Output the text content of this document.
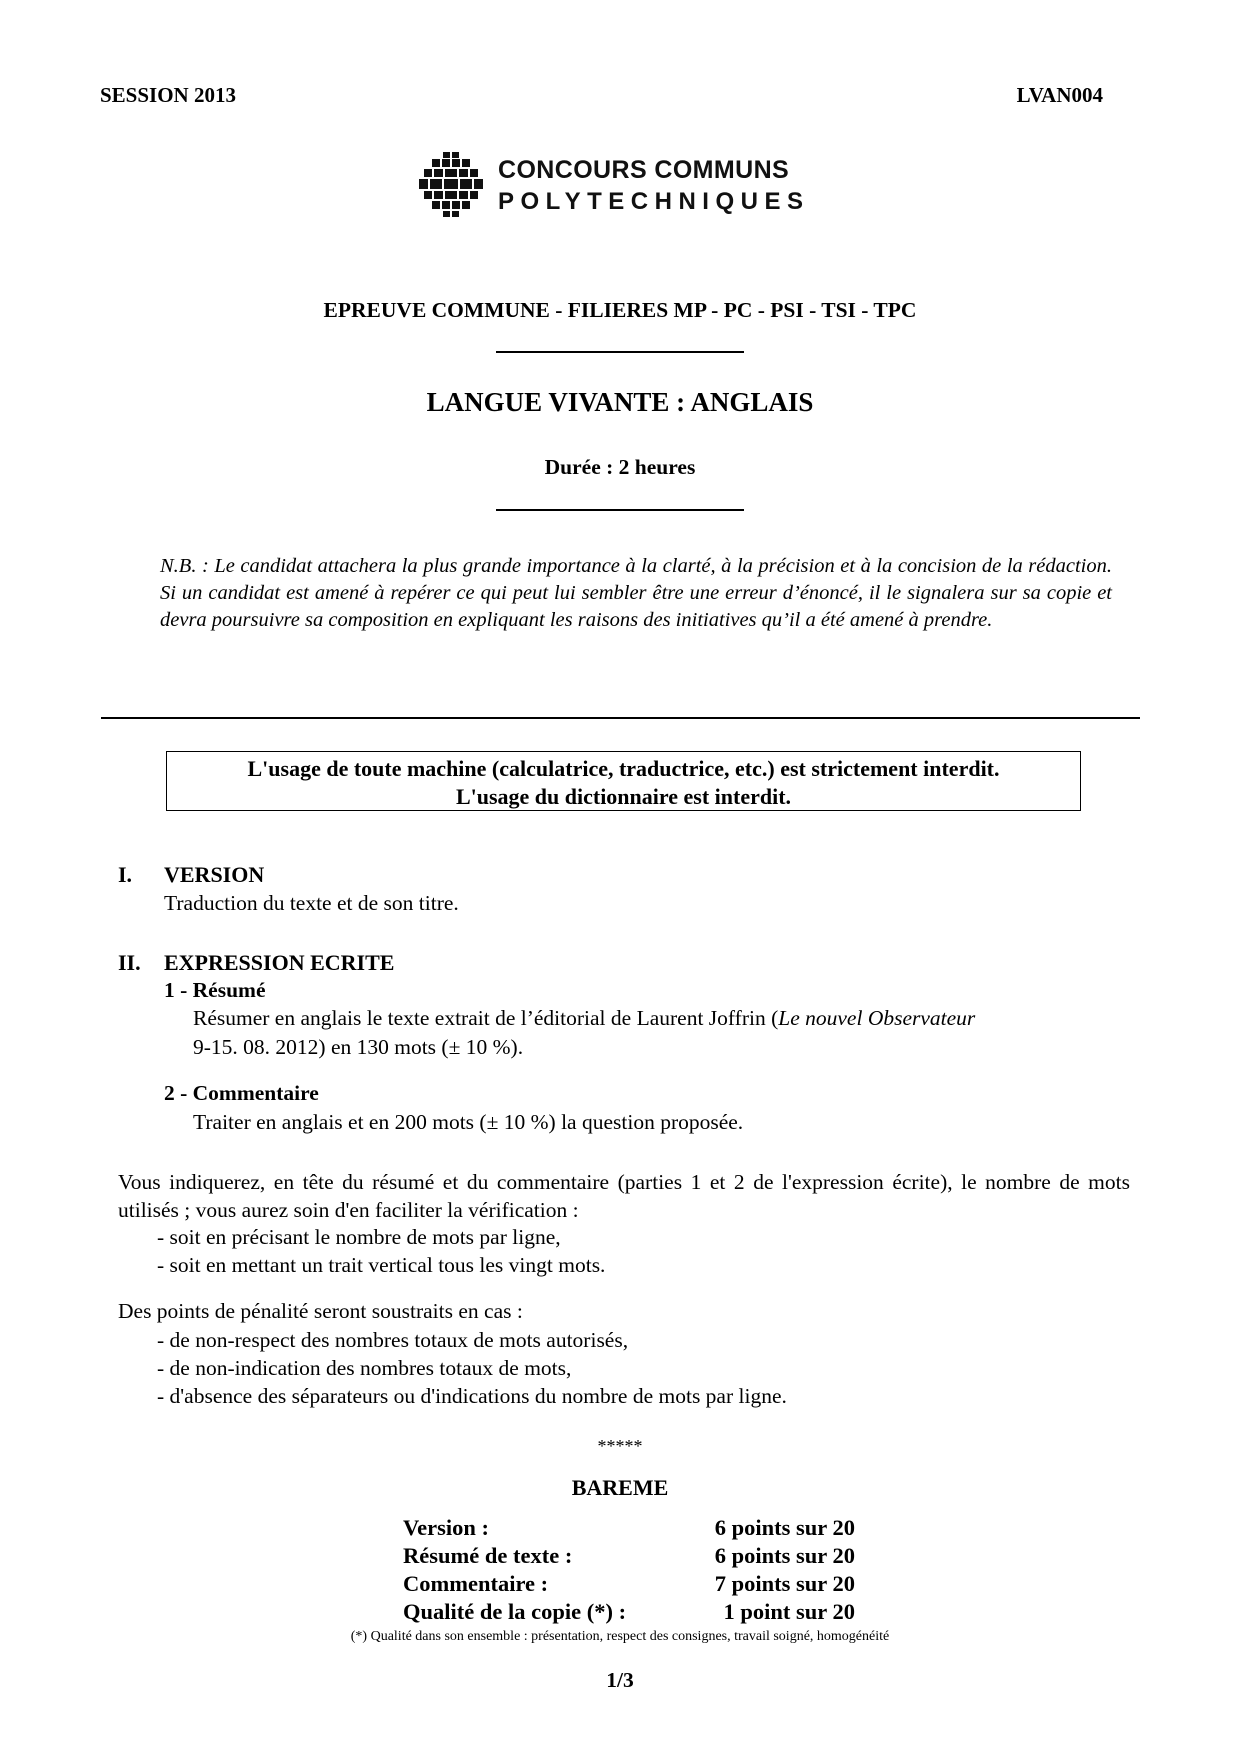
SESSION 2013	LVAN004
CONCOURS COMMUNS
POLYTECHNIQUES
EPREUVE COMMUNE - FILIERES MP - PC - PSI - TSI - TPC
LANGUE VIVANTE : ANGLAIS
Durée : 2 heures
N.B. : Le candidat attachera la plus grande importance à la clarté, à la précision et à la concision de la rédaction. Si un candidat est amené à repérer ce qui peut lui sembler être une erreur d’énoncé, il le signalera sur sa copie et devra poursuivre sa composition en expliquant les raisons des initiatives qu’il a été amené à prendre.
L'usage de toute machine (calculatrice, traductrice, etc.) est strictement interdit.
L'usage du dictionnaire est interdit.
I. VERSION
Traduction du texte et de son titre.
II. EXPRESSION ECRITE
1 - Résumé
Résumer en anglais le texte extrait de l’éditorial de Laurent Joffrin (Le nouvel Observateur
9-15. 08. 2012) en 130 mots (± 10 %).
2 - Commentaire
Traiter en anglais et en 200 mots (± 10 %) la question proposée.
Vous indiquerez, en tête du résumé et du commentaire (parties 1 et 2 de l'expression écrite), le nombre de mots utilisés ; vous aurez soin d'en faciliter la vérification :
- soit en précisant le nombre de mots par ligne,
- soit en mettant un trait vertical tous les vingt mots.
Des points de pénalité seront soustraits en cas :
- de non-respect des nombres totaux de mots autorisés,
- de non-indication des nombres totaux de mots,
- d'absence des séparateurs ou d'indications du nombre de mots par ligne.
*****
BAREME
Version :	6 points sur 20
Résumé de texte :	6 points sur 20
Commentaire :	7 points sur 20
Qualité de la copie (*) :	1 point sur 20
(*) Qualité dans son ensemble : présentation, respect des consignes, travail soigné, homogénéité
1/3
